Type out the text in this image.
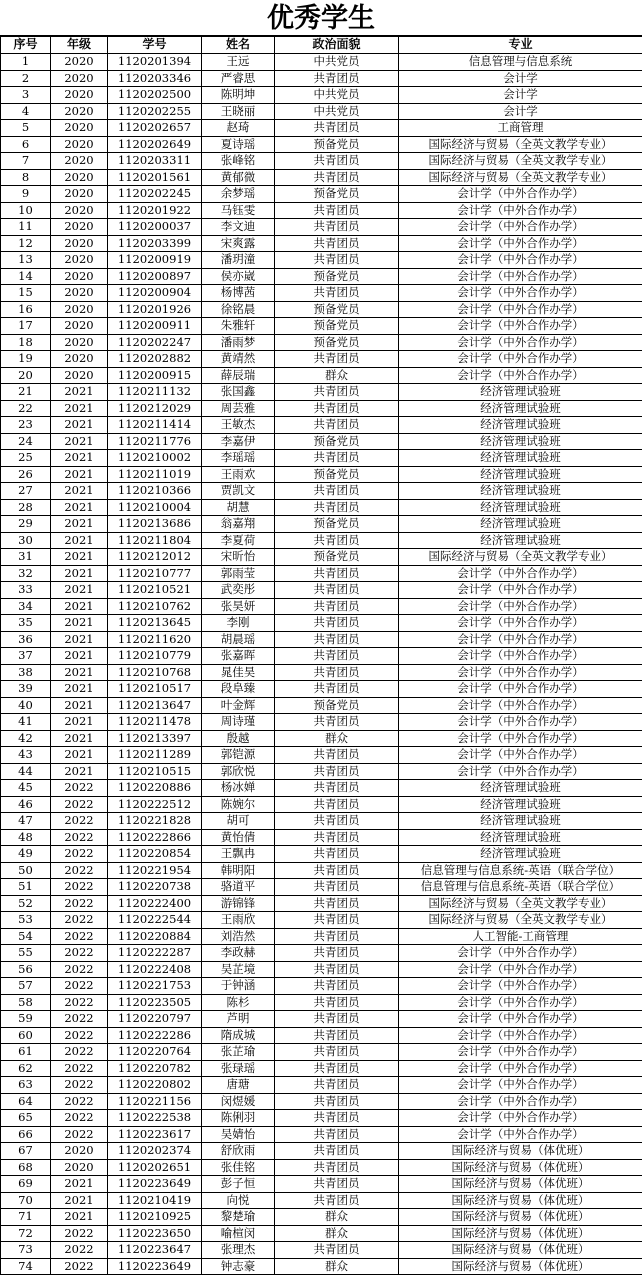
优秀学生
序号	年级	学号	姓名	政治面貌	专业
1	2020	1120201394	王远	中共党员	信息管理与信息系统
2	2020	1120203346	严睿思	共青团员	会计学
3	2020	1120202500	陈明坤	中共党员	会计学
4	2020	1120202255	王晓丽	中共党员	会计学
5	2020	1120202657	赵琦	共青团员	工商管理
6	2020	1120202649	夏诗瑶	预备党员	国际经济与贸易（全英文教学专业）
7	2020	1120203311	张峰铭	共青团员	国际经济与贸易（全英文教学专业）
8	2020	1120201561	黄郁微	共青团员	国际经济与贸易（全英文教学专业）
9	2020	1120202245	余梦瑶	预备党员	会计学（中外合作办学）
10	2020	1120201922	马钰雯	共青团员	会计学（中外合作办学）
11	2020	1120200037	李文迪	共青团员	会计学（中外合作办学）
12	2020	1120203399	宋爽露	共青团员	会计学（中外合作办学）
13	2020	1120200919	潘玥潼	共青团员	会计学（中外合作办学）
14	2020	1120200897	侯亦崴	预备党员	会计学（中外合作办学）
15	2020	1120200904	杨博茜	共青团员	会计学（中外合作办学）
16	2020	1120201926	徐铭晨	预备党员	会计学（中外合作办学）
17	2020	1120200911	朱雅轩	预备党员	会计学（中外合作办学）
18	2020	1120202247	潘雨梦	预备党员	会计学（中外合作办学）
19	2020	1120202882	黄靖然	共青团员	会计学（中外合作办学）
20	2020	1120200915	薛辰瑞	群众	会计学（中外合作办学）
21	2021	1120211132	张国鑫	共青团员	经济管理试验班
22	2021	1120212029	周芸雅	共青团员	经济管理试验班
23	2021	1120211414	王敏杰	共青团员	经济管理试验班
24	2021	1120211776	李嘉伊	预备党员	经济管理试验班
25	2021	1120210002	李瑶瑶	共青团员	经济管理试验班
26	2021	1120211019	王雨欢	预备党员	经济管理试验班
27	2021	1120210366	贾凯文	共青团员	经济管理试验班
28	2021	1120210004	胡慧	共青团员	经济管理试验班
29	2021	1120213686	翁嘉翔	预备党员	经济管理试验班
30	2021	1120211804	李夏荷	共青团员	经济管理试验班
31	2021	1120212012	宋昕怡	预备党员	国际经济与贸易（全英文教学专业）
32	2021	1120210777	郭雨莹	共青团员	会计学（中外合作办学）
33	2021	1120210521	武奕彤	共青团员	会计学（中外合作办学）
34	2021	1120210762	张昊妍	共青团员	会计学（中外合作办学）
35	2021	1120213645	李刚	共青团员	会计学（中外合作办学）
36	2021	1120211620	胡晨瑶	共青团员	会计学（中外合作办学）
37	2021	1120210779	张嘉晖	共青团员	会计学（中外合作办学）
38	2021	1120210768	晁佳昊	共青团员	会计学（中外合作办学）
39	2021	1120210517	段阜臻	共青团员	会计学（中外合作办学）
40	2021	1120213647	叶金辉	预备党员	会计学（中外合作办学）
41	2021	1120211478	周诗瑾	共青团员	会计学（中外合作办学）
42	2021	1120213397	殷越	群众	会计学（中外合作办学）
43	2021	1120211289	郭铠源	共青团员	会计学（中外合作办学）
44	2021	1120210515	郭欣悦	共青团员	会计学（中外合作办学）
45	2022	1120220886	杨冰婵	共青团员	经济管理试验班
46	2022	1120222512	陈婉尔	共青团员	经济管理试验班
47	2022	1120221828	胡可	共青团员	经济管理试验班
48	2022	1120222866	黄怡倩	共青团员	经济管理试验班
49	2022	1120220854	王飘冉	共青团员	经济管理试验班
50	2022	1120221954	韩明阳	共青团员	信息管理与信息系统-英语（联合学位）
51	2022	1120220738	骆道平	共青团员	信息管理与信息系统-英语（联合学位）
52	2022	1120222400	游锦锋	共青团员	国际经济与贸易（全英文教学专业）
53	2022	1120222544	王雨欣	共青团员	国际经济与贸易（全英文教学专业）
54	2022	1120220884	刘浩然	共青团员	人工智能-工商管理
55	2022	1120222287	李政赫	共青团员	会计学（中外合作办学）
56	2022	1120222408	吴芷境	共青团员	会计学（中外合作办学）
57	2022	1120221753	于钟涵	共青团员	会计学（中外合作办学）
58	2022	1120223505	陈杉	共青团员	会计学（中外合作办学）
59	2022	1120220797	芦明	共青团员	会计学（中外合作办学）
60	2022	1120222286	隋成城	共青团员	会计学（中外合作办学）
61	2022	1120220764	张芷瑜	共青团员	会计学（中外合作办学）
62	2022	1120220782	张琭瑶	共青团员	会计学（中外合作办学）
63	2022	1120220802	唐瑭	共青团员	会计学（中外合作办学）
64	2022	1120221156	闵煜媛	共青团员	会计学（中外合作办学）
65	2022	1120222538	陈俐羽	共青团员	会计学（中外合作办学）
66	2022	1120223617	吴婧怡	共青团员	会计学（中外合作办学）
67	2020	1120202374	舒欣雨	共青团员	国际经济与贸易（体优班）
68	2020	1120202651	张佳铭	共青团员	国际经济与贸易（体优班）
69	2021	1120223649	彭子恒	共青团员	国际经济与贸易（体优班）
70	2021	1120210419	向悦	共青团员	国际经济与贸易（体优班）
71	2021	1120210925	黎楚瑜	群众	国际经济与贸易（体优班）
72	2022	1120223650	喻楦闵	群众	国际经济与贸易（体优班）
73	2022	1120223647	张理杰	共青团员	国际经济与贸易（体优班）
74	2022	1120223649	钟志豪	群众	国际经济与贸易（体优班）
